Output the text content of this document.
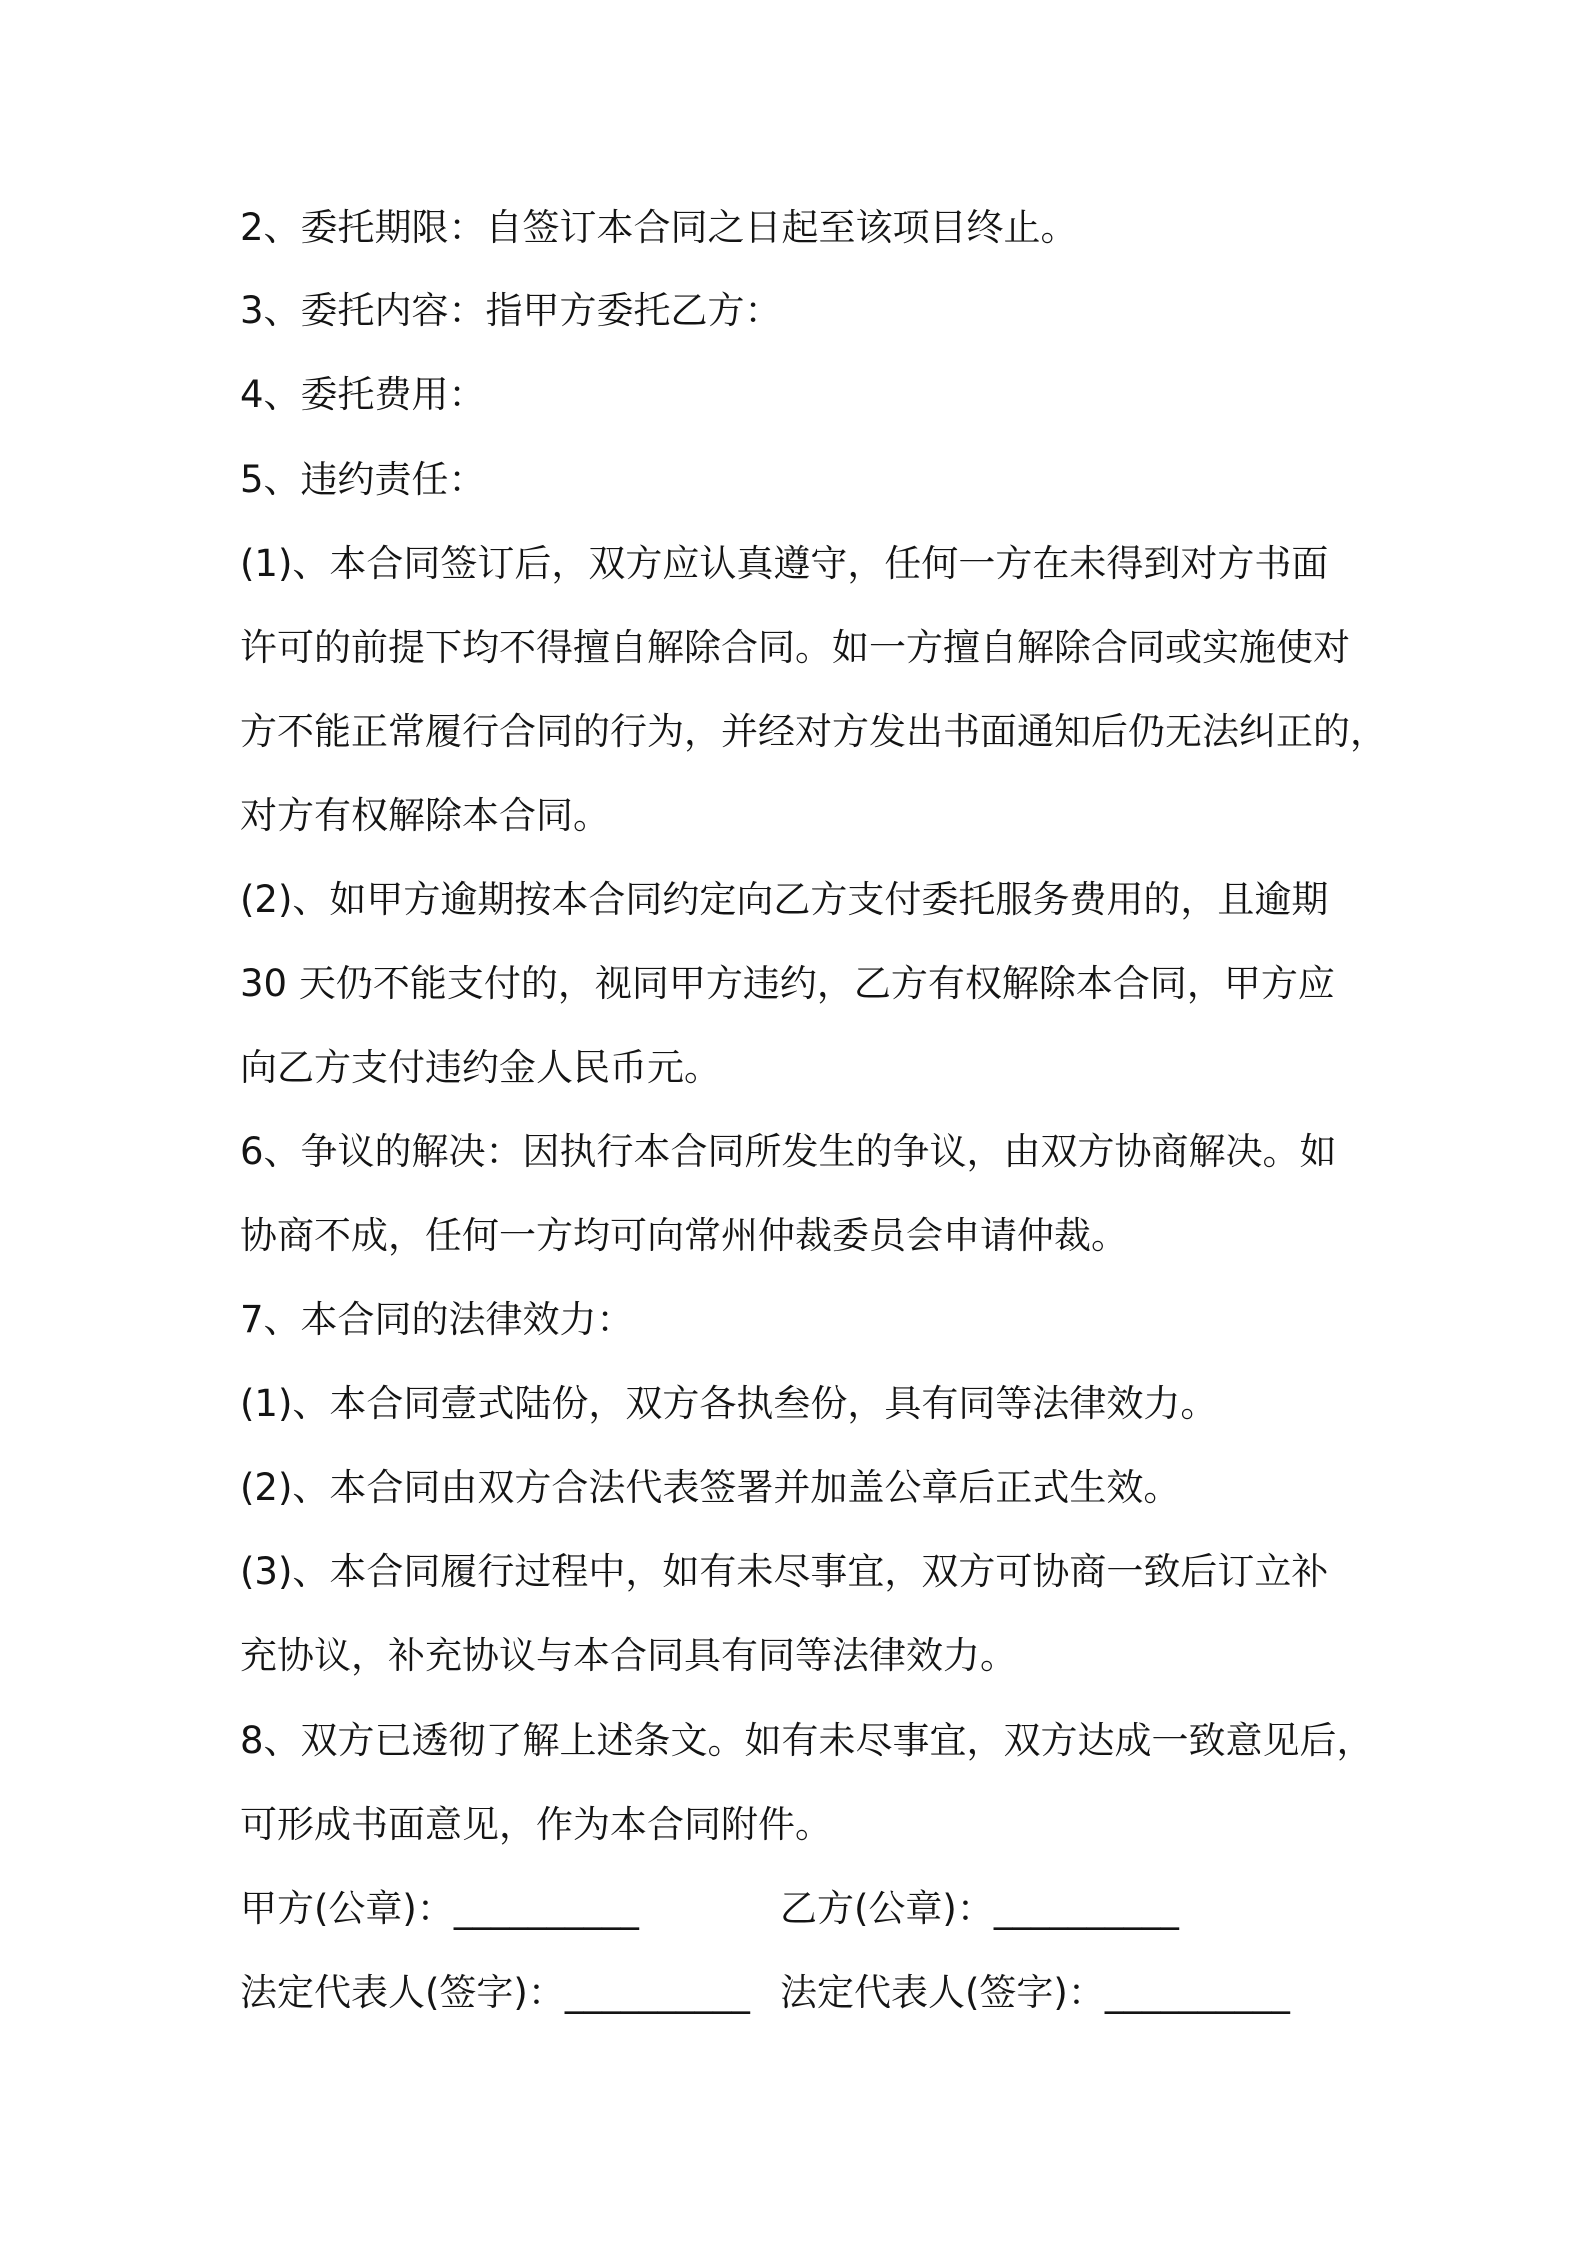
2、委托期限：自签订本合同之日起至该项目终止。
3、委托内容：指甲方委托乙方：
4、委托费用：
5、违约责任：
(1)、本合同签订后，双方应认真遵守，任何一方在未得到对方书面
许可的前提下均不得擅自解除合同。如一方擅自解除合同或实施使对
方不能正常履行合同的行为，并经对方发出书面通知后仍无法纠正的，
对方有权解除本合同。
(2)、如甲方逾期按本合同约定向乙方支付委托服务费用的，且逾期
30 天仍不能支付的，视同甲方违约，乙方有权解除本合同，甲方应
向乙方支付违约金人民币元。
6、争议的解决：因执行本合同所发生的争议，由双方协商解决。如
协商不成，任何一方均可向常州仲裁委员会申请仲裁。
7、本合同的法律效力：
(1)、本合同壹式陆份，双方各执叁份，具有同等法律效力。
(2)、本合同由双方合法代表签署并加盖公章后正式生效。
(3)、本合同履行过程中，如有未尽事宜，双方可协商一致后订立补
充协议，补充协议与本合同具有同等法律效力。
8、双方已透彻了解上述条文。如有未尽事宜，双方达成一致意见后，
可形成书面意见，作为本合同附件。
甲方(公章)：__________	乙方(公章)：__________
法定代表人(签字)：__________ 法定代表人(签字)：__________
